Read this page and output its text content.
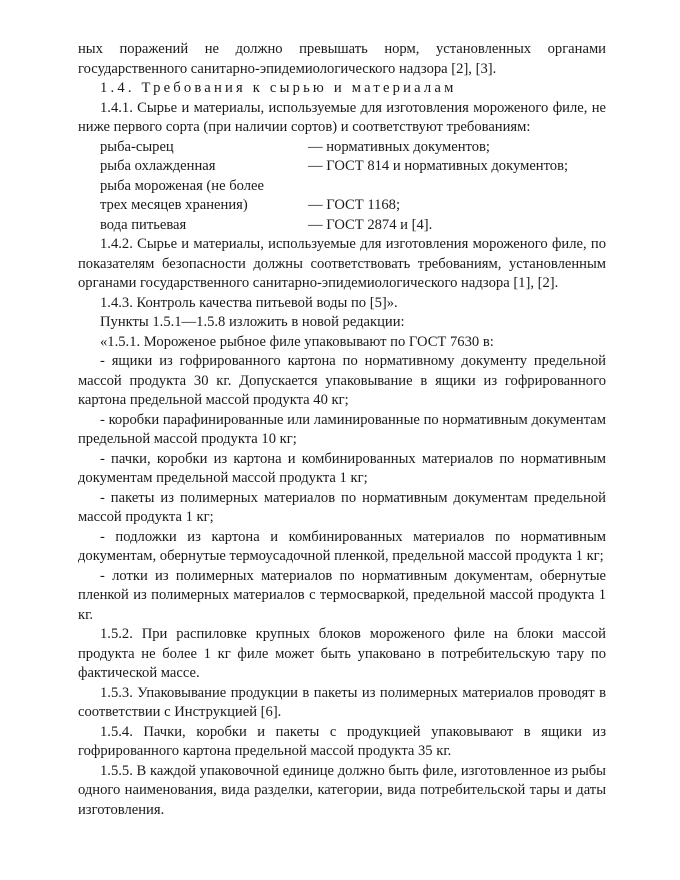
ных поражений не должно превышать норм, установленных органами государственного санитарно-эпидемиологического надзора [2], [3].

1.4. Требования к сырью и материалам

1.4.1. Сырье и материалы, используемые для изготовления мороженого филе, не ниже первого сорта (при наличии сортов) и соответствуют требованиям:

рыба-сырец	— нормативных документов;
рыба охлажденная	— ГОСТ 814 и нормативных документов;
рыба мороженая (не более
трех месяцев хранения)	— ГОСТ 1168;
вода питьевая	— ГОСТ 2874 и [4].

1.4.2. Сырье и материалы, используемые для изготовления мороженого филе, по показателям безопасности должны соответствовать требованиям, установленным органами государственного санитарно-эпидемиологического надзора [1], [2].

1.4.3. Контроль качества питьевой воды по [5]».

Пункты 1.5.1—1.5.8 изложить в новой редакции:

«1.5.1. Мороженое рыбное филе упаковывают по ГОСТ 7630 в:

- ящики из гофрированного картона по нормативному документу предельной массой продукта 30 кг. Допускается упаковывание в ящики из гофрированного картона предельной массой продукта 40 кг;

- коробки парафинированные или ламинированные по нормативным документам предельной массой продукта 10 кг;

- пачки, коробки из картона и комбинированных материалов по нормативным документам предельной массой продукта 1 кг;

- пакеты из полимерных материалов по нормативным документам предельной массой продукта 1 кг;

- подложки из картона и комбинированных материалов по нормативным документам, обернутые термоусадочной пленкой, предельной массой продукта 1 кг;

- лотки из полимерных материалов по нормативным документам, обернутые пленкой из полимерных материалов с термосваркой, предельной массой продукта 1 кг.

1.5.2. При распиловке крупных блоков мороженого филе на блоки массой продукта не более 1 кг филе может быть упаковано в потребительскую тару по фактической массе.

1.5.3. Упаковывание продукции в пакеты из полимерных материалов проводят в соответствии с Инструкцией [6].

1.5.4. Пачки, коробки и пакеты с продукцией упаковывают в ящики из гофрированного картона предельной массой продукта 35 кг.

1.5.5. В каждой упаковочной единице должно быть филе, изготовленное из рыбы одного наименования, вида разделки, категории, вида потребительской тары и даты изготовления.
